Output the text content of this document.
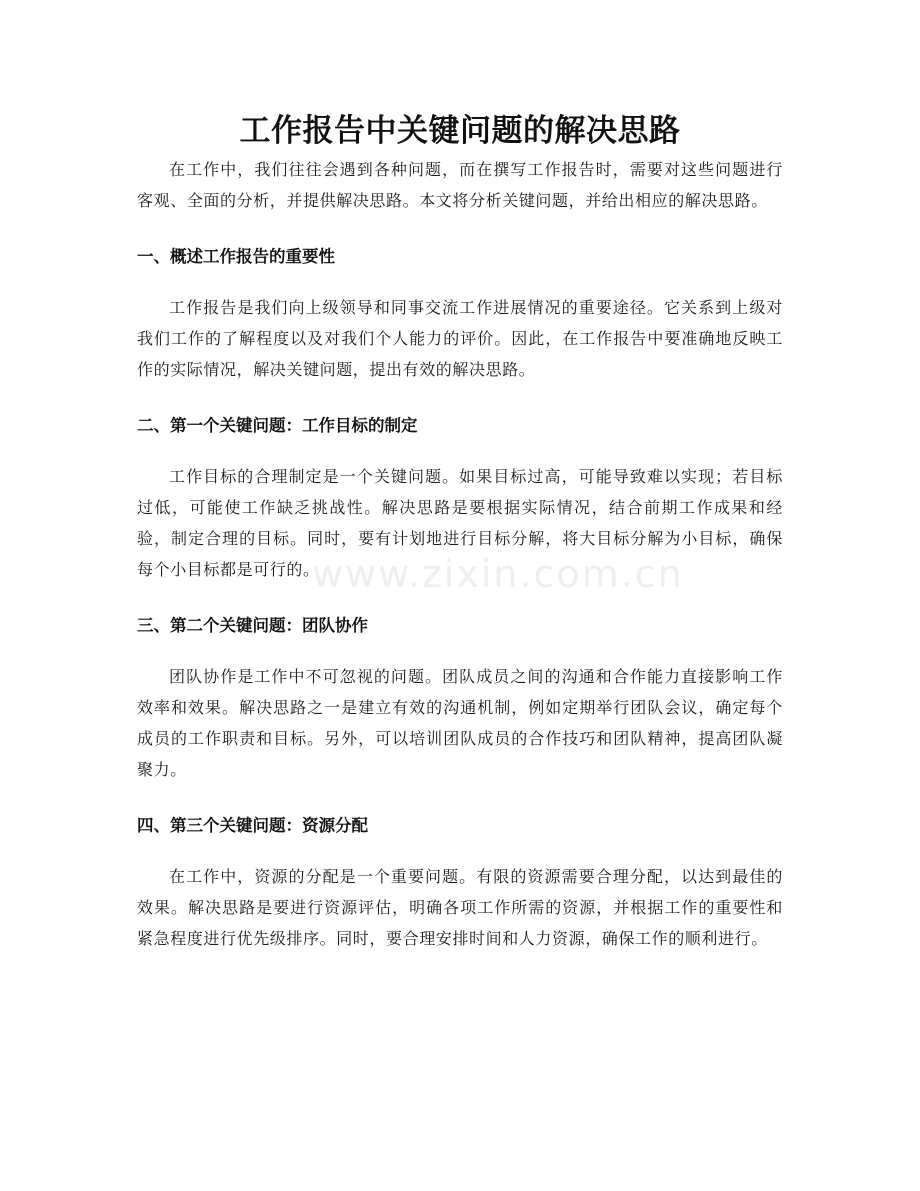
工作报告中关键问题的解决思路

在工作中，我们往往会遇到各种问题，而在撰写工作报告时，需要对这些问题进行客观、全面的分析，并提供解决思路。本文将分析关键问题，并给出相应的解决思路。

一、概述工作报告的重要性

工作报告是我们向上级领导和同事交流工作进展情况的重要途径。它关系到上级对我们工作的了解程度以及对我们个人能力的评价。因此，在工作报告中要准确地反映工作的实际情况，解决关键问题，提出有效的解决思路。

二、第一个关键问题：工作目标的制定

工作目标的合理制定是一个关键问题。如果目标过高，可能导致难以实现；若目标过低，可能使工作缺乏挑战性。解决思路是要根据实际情况，结合前期工作成果和经验，制定合理的目标。同时，要有计划地进行目标分解，将大目标分解为小目标，确保每个小目标都是可行的。

三、第二个关键问题：团队协作

团队协作是工作中不可忽视的问题。团队成员之间的沟通和合作能力直接影响工作效率和效果。解决思路之一是建立有效的沟通机制，例如定期举行团队会议，确定每个成员的工作职责和目标。另外，可以培训团队成员的合作技巧和团队精神，提高团队凝聚力。

四、第三个关键问题：资源分配

在工作中，资源的分配是一个重要问题。有限的资源需要合理分配，以达到最佳的效果。解决思路是要进行资源评估，明确各项工作所需的资源，并根据工作的重要性和紧急程度进行优先级排序。同时，要合理安排时间和人力资源，确保工作的顺利进行。

www.zixin.com.cn
